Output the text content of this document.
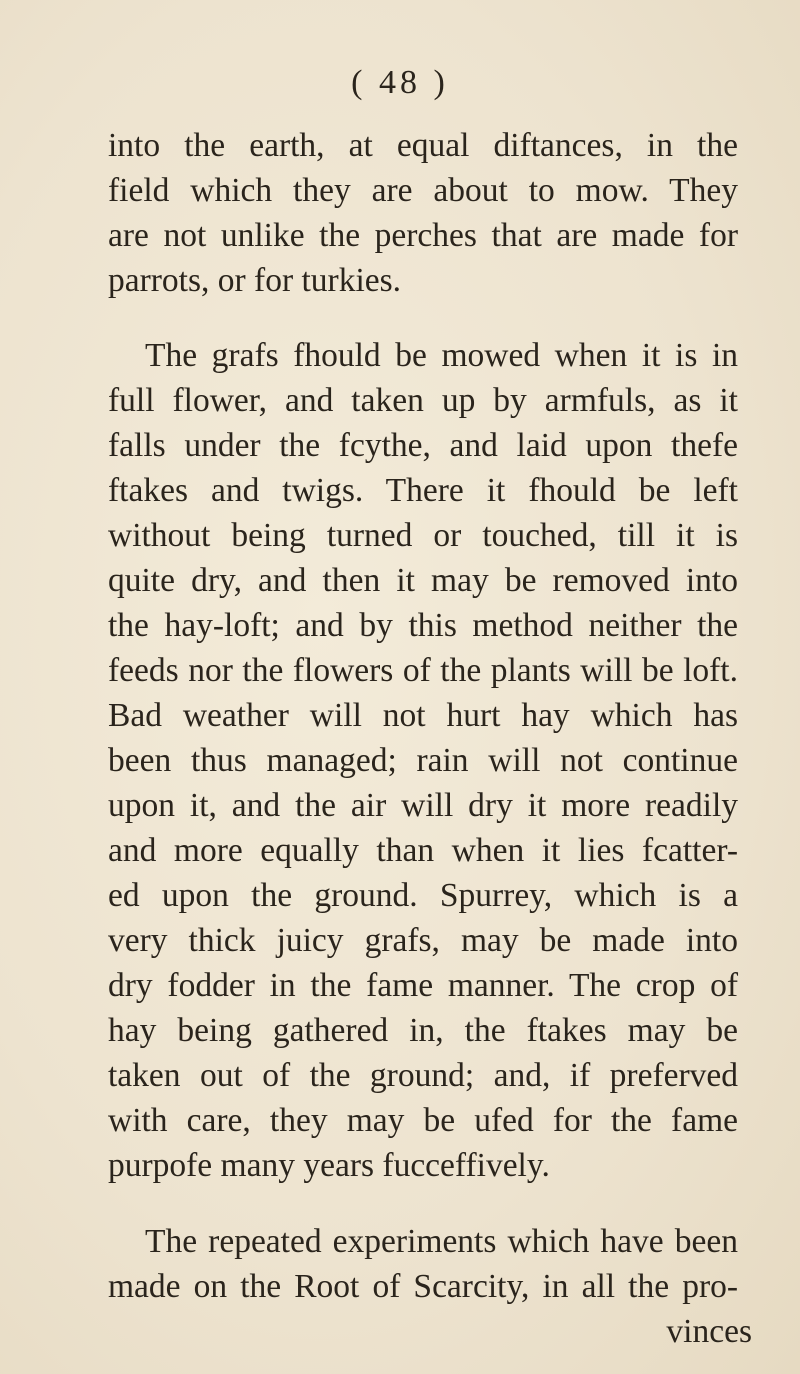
( 48 )
into the earth, at equal diftances, in the
field which they are about to mow. They
are not unlike the perches that are made for
parrots, or for turkies.
The grafs fhould be mowed when it is in
full flower, and taken up by armfuls, as it
falls under the fcythe, and laid upon thefe
ftakes and twigs. There it fhould be left
without being turned or touched, till it is
quite dry, and then it may be removed into
the hay-loft; and by this method neither the
feeds nor the flowers of the plants will be loft.
Bad weather will not hurt hay which has
been thus managed; rain will not continue
upon it, and the air will dry it more readily
and more equally than when it lies fcatter-
ed upon the ground. Spurrey, which is a
very thick juicy grafs, may be made into
dry fodder in the fame manner. The crop of
hay being gathered in, the ftakes may be
taken out of the ground; and, if preferved
with care, they may be ufed for the fame
purpofe many years fucceffively.
The repeated experiments which have been
made on the Root of Scarcity, in all the pro-
vinces
